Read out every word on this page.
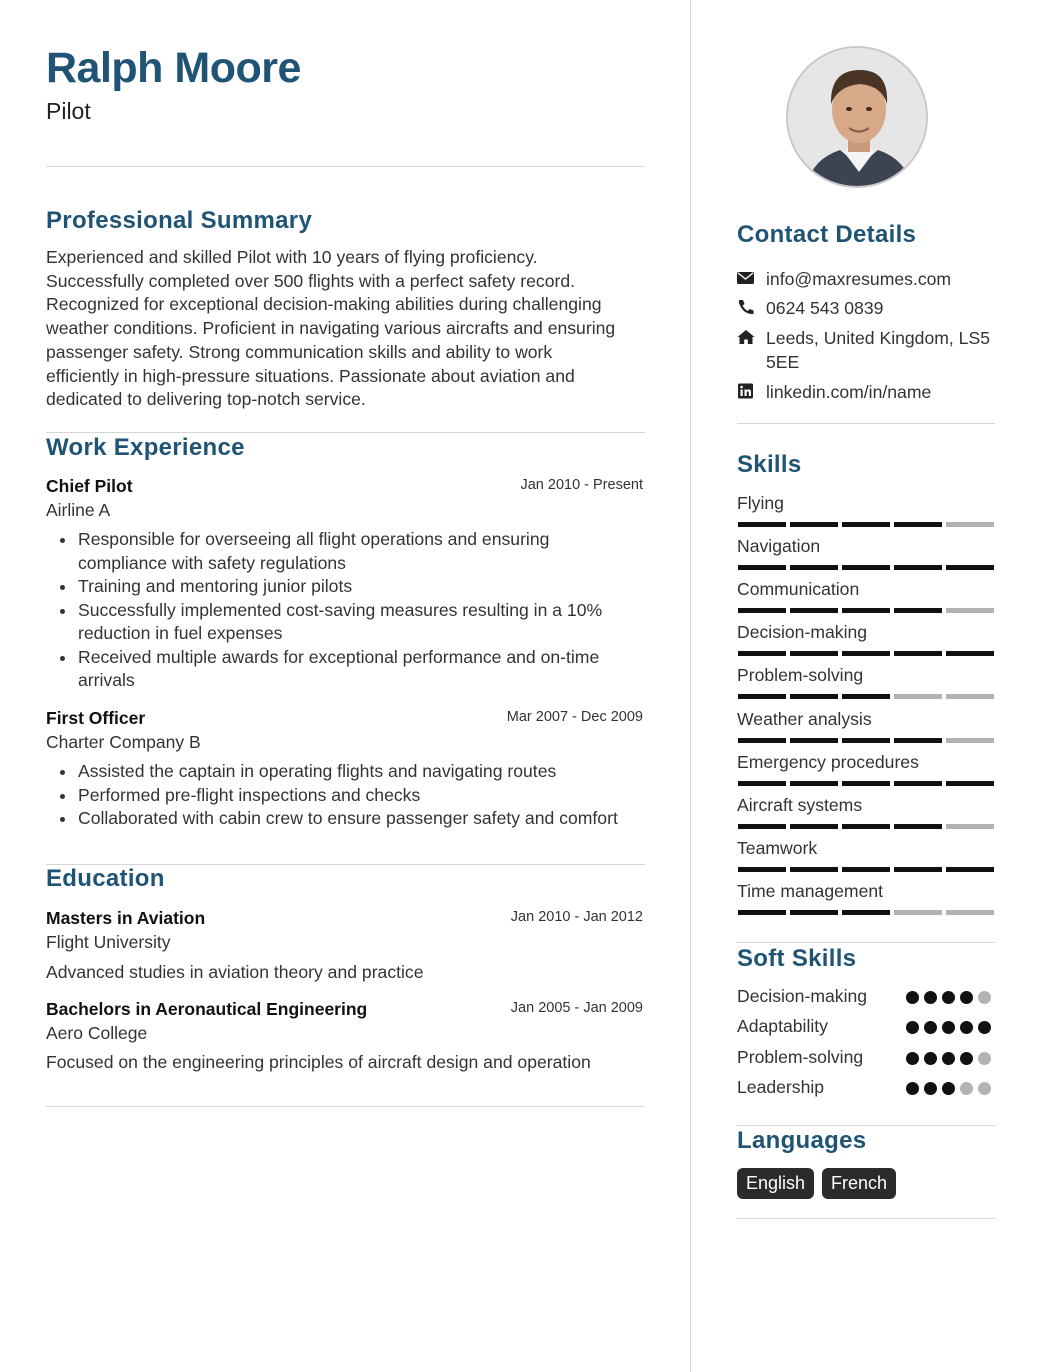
Ralph Moore
Pilot
Professional Summary
Experienced and skilled Pilot with 10 years of flying proficiency.
Successfully completed over 500 flights with a perfect safety record.
Recognized for exceptional decision-making abilities during challenging
weather conditions. Proficient in navigating various aircrafts and ensuring
passenger safety. Strong communication skills and ability to work
efficiently in high-pressure situations. Passionate about aviation and
dedicated to delivering top-notch service.
Work Experience
Chief Pilot	Jan 2010 - Present
Airline A
Responsible for overseeing all flight operations and ensuring compliance with safety regulations
Training and mentoring junior pilots
Successfully implemented cost-saving measures resulting in a 10% reduction in fuel expenses
Received multiple awards for exceptional performance and on-time arrivals
First Officer	Mar 2007 - Dec 2009
Charter Company B
Assisted the captain in operating flights and navigating routes
Performed pre-flight inspections and checks
Collaborated with cabin crew to ensure passenger safety and comfort
Education
Masters in Aviation	Jan 2010 - Jan 2012
Flight University
Advanced studies in aviation theory and practice
Bachelors in Aeronautical Engineering	Jan 2005 - Jan 2009
Aero College
Focused on the engineering principles of aircraft design and operation
Contact Details
info@maxresumes.com
0624 543 0839
Leeds, United Kingdom, LS5 5EE
linkedin.com/in/name
Skills
Flying
Navigation
Communication
Decision-making
Problem-solving
Weather analysis
Emergency procedures
Aircraft systems
Teamwork
Time management
Soft Skills
Decision-making
Adaptability
Problem-solving
Leadership
Languages
English	French
